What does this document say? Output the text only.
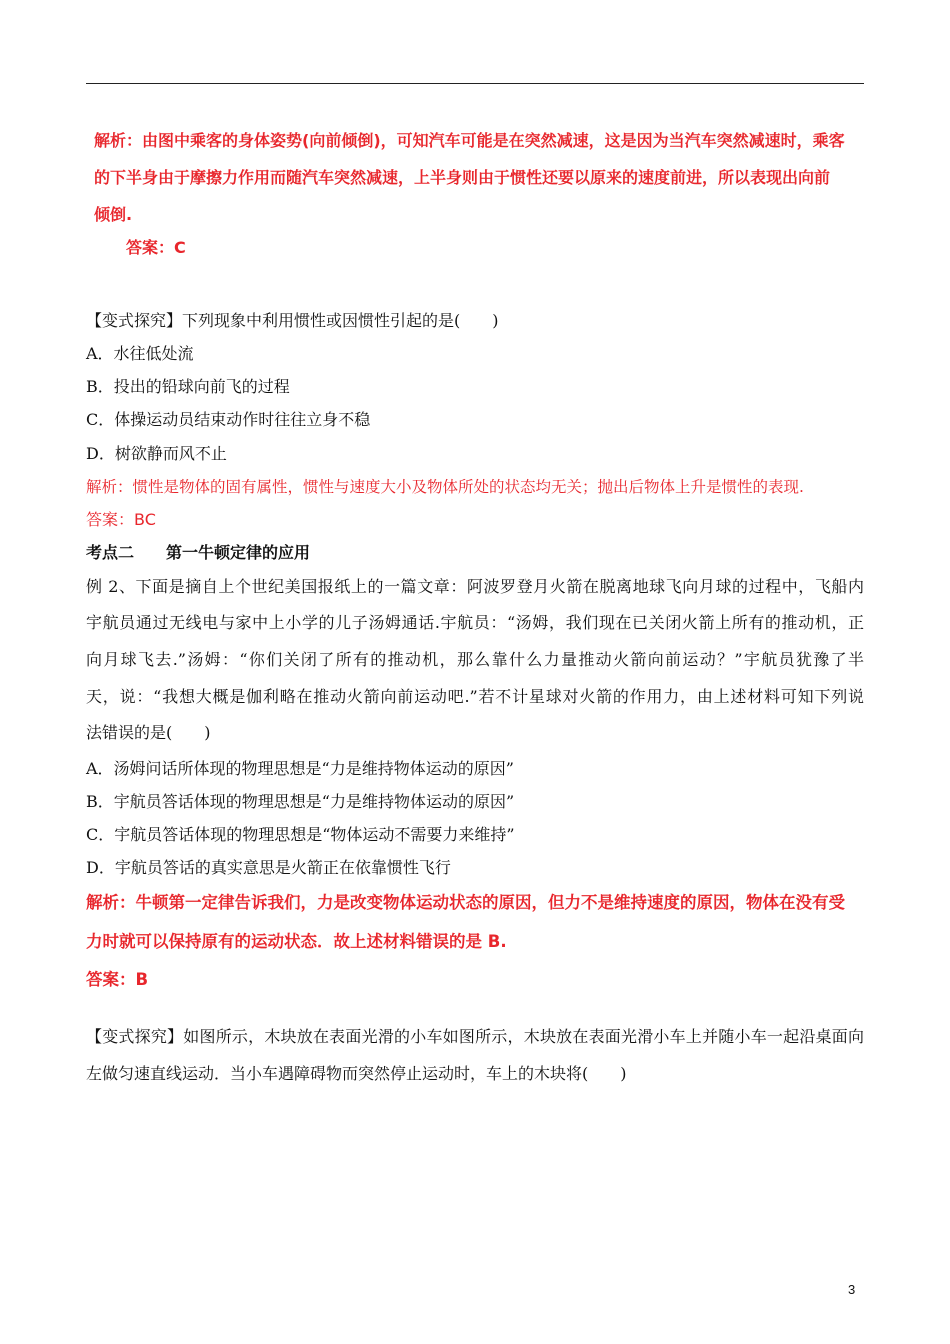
解析：由图中乘客的身体姿势(向前倾倒)，可知汽车可能是在突然减速，这是因为当汽车突然减速时，乘客
的下半身由于摩擦力作用而随汽车突然减速，上半身则由于惯性还要以原来的速度前进，所以表现出向前
倾倒.
答案：C
【变式探究】下列现象中利用惯性或因惯性引起的是(　　)
A．水往低处流
B．投出的铅球向前飞的过程
C．体操运动员结束动作时往往立身不稳
D．树欲静而风不止
解析：惯性是物体的固有属性，惯性与速度大小及物体所处的状态均无关；抛出后物体上升是惯性的表现.
答案：BC
考点二　　第一牛顿定律的应用
例 2、下面是摘自上个世纪美国报纸上的一篇文章：阿波罗登月火箭在脱离地球飞向月球的过程中，飞船内
宇航员通过无线电与家中上小学的儿子汤姆通话.宇航员：“汤姆，我们现在已关闭火箭上所有的推动机，正
向月球飞去.”汤姆：“你们关闭了所有的推动机，那么靠什么力量推动火箭向前运动？”宇航员犹豫了半
天，说：“我想大概是伽利略在推动火箭向前运动吧.”若不计星球对火箭的作用力，由上述材料可知下列说
法错误的是(　　)
A．汤姆问话所体现的物理思想是“力是维持物体运动的原因”
B．宇航员答话体现的物理思想是“力是维持物体运动的原因”
C．宇航员答话体现的物理思想是“物体运动不需要力来维持”
D．宇航员答话的真实意思是火箭正在依靠惯性飞行
解析：牛顿第一定律告诉我们，力是改变物体运动状态的原因，但力不是维持速度的原因，物体在没有受
力时就可以保持原有的运动状态．故上述材料错误的是 B.
答案：B
【变式探究】如图所示，木块放在表面光滑的小车如图所示，木块放在表面光滑小车上并随小车一起沿桌面向
左做匀速直线运动．当小车遇障碍物而突然停止运动时，车上的木块将(　　)
3
